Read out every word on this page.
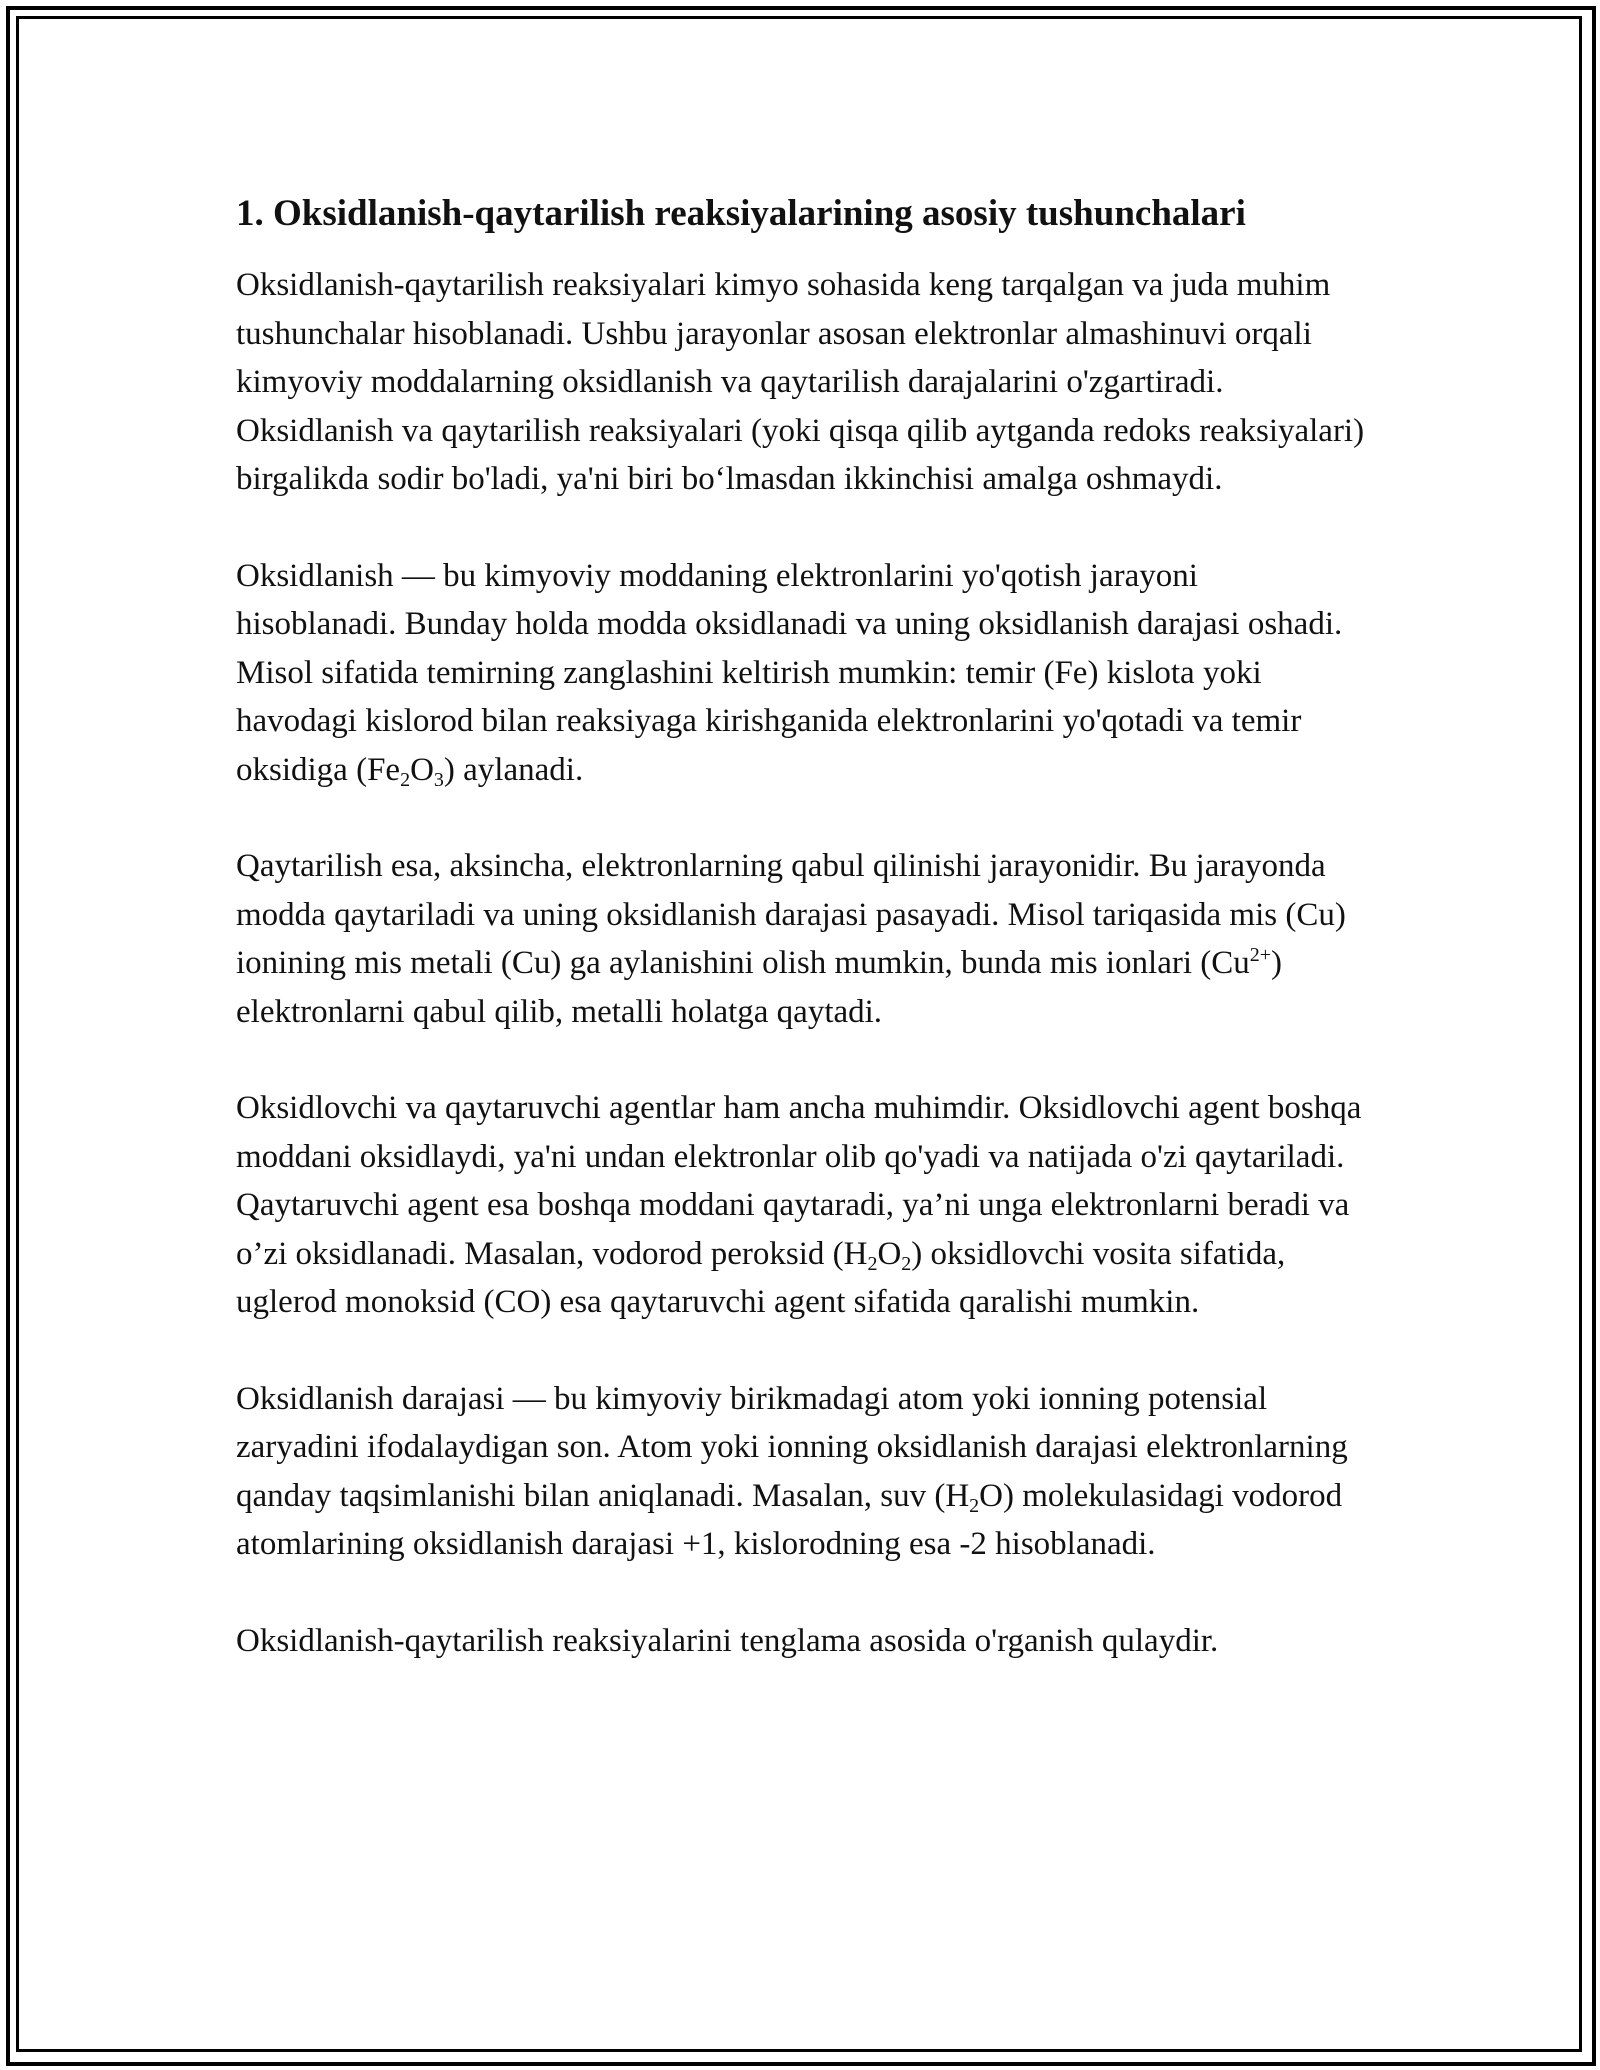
1. Oksidlanish-qaytarilish reaksiyalarining asosiy tushunchalari

Oksidlanish-qaytarilish reaksiyalari kimyo sohasida keng tarqalgan va juda muhim tushunchalar hisoblanadi. Ushbu jarayonlar asosan elektronlar almashinuvi orqali kimyoviy moddalarning oksidlanish va qaytarilish darajalarini o'zgartiradi. Oksidlanish va qaytarilish reaksiyalari (yoki qisqa qilib aytganda redoks reaksiyalari) birgalikda sodir bo'ladi, ya'ni biri boʻlmasdan ikkinchisi amalga oshmaydi.

Oksidlanish — bu kimyoviy moddaning elektronlarini yo'qotish jarayoni hisoblanadi. Bunday holda modda oksidlanadi va uning oksidlanish darajasi oshadi. Misol sifatida temirning zanglashini keltirish mumkin: temir (Fe) kislota yoki havodagi kislorod bilan reaksiyaga kirishganida elektronlarini yo'qotadi va temir oksidiga $(Fe_2O_3)$ aylanadi.

Qaytarilish esa, aksincha, elektronlarning qabul qilinishi jarayonidir. Bu jarayonda modda qaytariladi va uning oksidlanish darajasi pasayadi. Misol tariqasida mis (Cu) ionining mis metali (Cu) ga aylanishini olish mumkin, bunda mis ionlari $(Cu^{2+})$ elektronlarni qabul qilib, metalli holatga qaytadi.

Oksidlovchi va qaytaruvchi agentlar ham ancha muhimdir. Oksidlovchi agent boshqa moddani oksidlaydi, ya'ni undan elektronlar olib qo'yadi va natijada o'zi qaytariladi. Qaytaruvchi agent esa boshqa moddani qaytaradi, ya’ni unga elektronlarni beradi va o’zi oksidlanadi. Masalan, vodorod peroksid $(H_2O_2)$ oksidlovchi vosita sifatida, uglerod monoksid (CO) esa qaytaruvchi agent sifatida qaralishi mumkin.

Oksidlanish darajasi — bu kimyoviy birikmadagi atom yoki ionning potensial zaryadini ifodalaydigan son. Atom yoki ionning oksidlanish darajasi elektronlarning qanday taqsimlanishi bilan aniqlanadi. Masalan, suv $(H_2O)$ molekulasidagi vodorod atomlarining oksidlanish darajasi +1, kislorodning esa -2 hisoblanadi.

Oksidlanish-qaytarilish reaksiyalarini tenglama asosida o'rganish qulaydir.
